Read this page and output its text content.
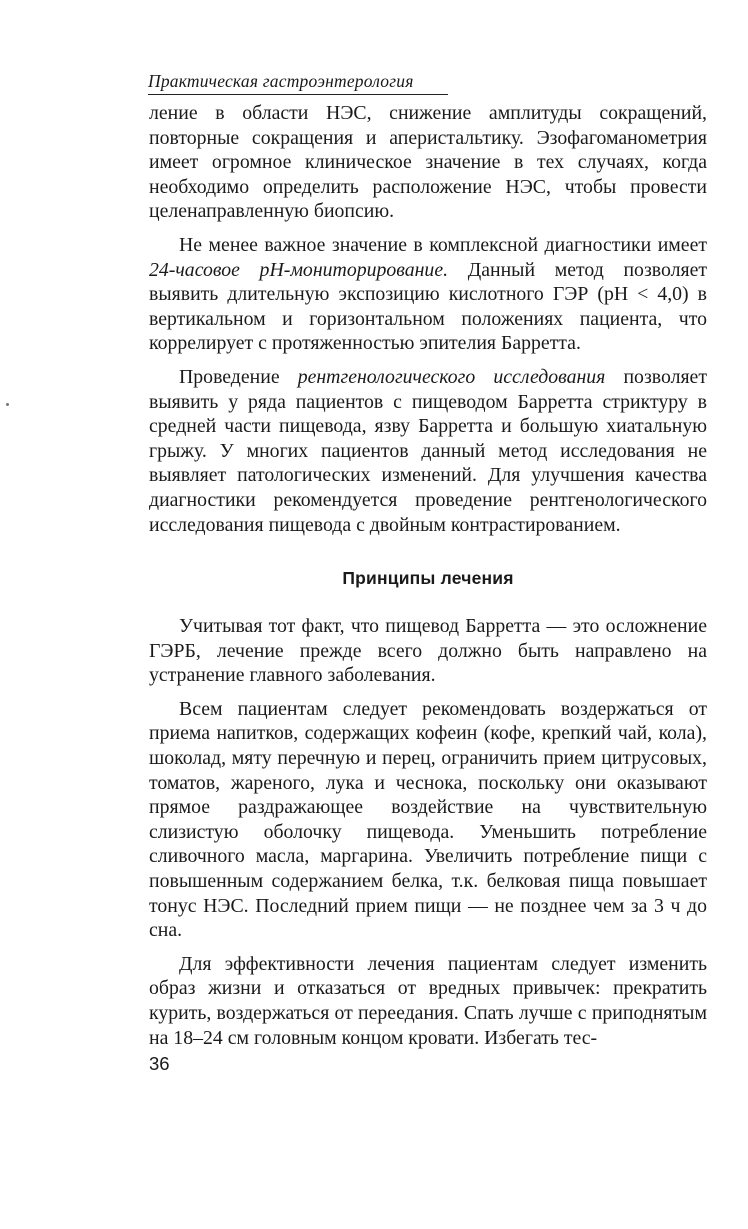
Практическая гастроэнтерология

ление в области НЭС, снижение амплитуды сокращений, повторные сокращения и аперистальтику. Эзофагоманометрия имеет огромное клиническое значение в тех случаях, когда необходимо определить расположение НЭС, чтобы провести целенаправленную биопсию.

Не менее важное значение в комплексной диагностики имеет 24-часовое pH-мониторирование. Данный метод позволяет выявить длительную экспозицию кислотного ГЭР (pH < 4,0) в вертикальном и горизонтальном положениях пациента, что коррелирует с протяженностью эпителия Барретта.

Проведение рентгенологического исследования позволяет выявить у ряда пациентов с пищеводом Барретта стриктуру в средней части пищевода, язву Барретта и большую хиатальную грыжу. У многих пациентов данный метод исследования не выявляет патологических изменений. Для улучшения качества диагностики рекомендуется проведение рентгенологического исследования пищевода с двойным контрастированием.

Принципы лечения

Учитывая тот факт, что пищевод Барретта — это осложнение ГЭРБ, лечение прежде всего должно быть направлено на устранение главного заболевания.

Всем пациентам следует рекомендовать воздержаться от приема напитков, содержащих кофеин (кофе, крепкий чай, кола), шоколад, мяту перечную и перец, ограничить прием цитрусовых, томатов, жареного, лука и чеснока, поскольку они оказывают прямое раздражающее воздействие на чувствительную слизистую оболочку пищевода. Уменьшить потребление сливочного масла, маргарина. Увеличить потребление пищи с повышенным содержанием белка, т.к. белковая пища повышает тонус НЭС. Последний прием пищи — не позднее чем за 3 ч до сна.

Для эффективности лечения пациентам следует изменить образ жизни и отказаться от вредных привычек: прекратить курить, воздержаться от переедания. Спать лучше с приподнятым на 18–24 см головным концом кровати. Избегать тес-

36
